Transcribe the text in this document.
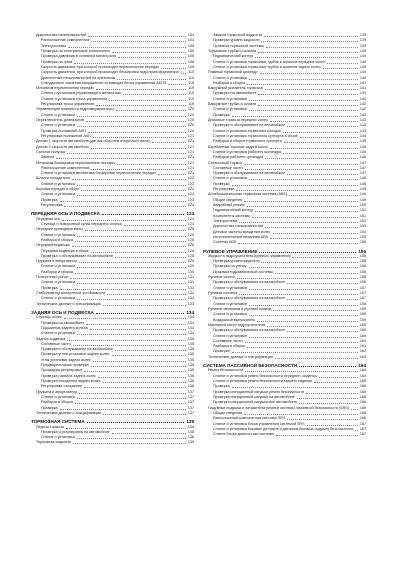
Диагностика неисправностей	104
Расположение компонентов	104
Электросхемы	105
Проверка на интегральные компьютеры	106
Проверка давления в основной магистрали	106
Проверка на срыв	108
Скорость движения, при которой происходит переключение передач	109
Скорость движения, при которой происходит блокировка гидротрансформатора	110
Диагностика неисправностей по признакам	110
Стандартные значения напряжения на выводах блока управления АКПП	118
Механизм переключения передач	119
Снятие и установка управляющего механизма	119
Снятие и установка троса управления	119
Регулировка троса управления	119
Управляющие клапаны и гидроаккумуляторы	120
Снятие и установка	120
Переключатель диапазонов	120
Снятие и установка	120
Проверка положений АКП	120
Регулировка положений АКП	121
Датчик 1 скорости автомобиля (датчик оборотов вторичного вала)	121
Датчик 2 скорости автомобиля	121
Сальник полуоси	121
Замена	121
Механизм блокировки переключения передач	121
Расположение компонентов	121
Снятие и установка механизма блокировки переключения передач	121
Шланги охладителя	122
Снятие и установка	122
Коробка передач в сборе	122
Снятие и установка	122
Проверка	123
Регулировка	123
ПЕРЕДНЯЯ ОСЬ И ПОДВЕСКА	124
Передняя ось	124
Ступица и поворотный кулак переднего колеса	124
Передние приводные валы	125
Снятие и установка	125
Разборка и сборка	126
Передняя подвеска	128
Передняя подвеска в сборе	128
Проверка и обслуживание на автомобиле	128
Пружина и амортизатор	129
Снятие и установка	129
Разборка и сборка	130
Поперечный рычаг	131
Снятие и установка	131
Проверка	132
Стабилизатор поперечной устойчивости	132
Снятие и установка	132
Технические данные и спецификации	133
ЗАДНЯЯ ОСЬ И ПОДВЕСКА	134
Ступицы колес	134
Проверка на автомобиле	134
Подшипник заднего колеса	134
Снятие и установка	134
Задняя подвеска	135
Составные части	135
Проверка и обслуживание на автомобиле	135
Проверка углов установки задних колес	135
Углы установки задних колес	135
Предварительная проверка	135
Процедура регулировки	135
Проверка развала задних колес	136
Проверка схождения задних колес	136
Регулировка схождения	136
Пружина и амортизатор	137
Снятие и установка	137
Разборка и сборка	137
Проверка	137
Технические данные и спецификации	137
ТОРМОЗНАЯ СИСТЕМА	138
Педаль тормоза	138
Проверка и регулировка на автомобиле	138
Снятие и установка	138
Тормозная жидкость	139
Замена тормозной жидкости	139
Проверка уровня жидкости	139
Прокачка тормозной системы	139
Тормозные трубки и шланги	140
Гидравлический контур	140
Снятие и установка тормозных трубок и шлангов передних колес	140
Снятие и установка тормозных трубок и шлангов задних колес	140
Главный тормозной цилиндр	140
Снятие и установка	140
Разборка и сборка	141
Вакуумный усилитель тормозов	141
Проверка на автомобиле	141
Снятие и установка	141
Вакуумные трубки и шланги	142
Снятие и установка	142
Проверка	142
Дисковые тормоза передних колес	143
Проверка и обслуживание на автомобиле	143
Снятие и установка тормозных колодок	143
Снятие и установка тормозного суппорта в сборе	144
Разборка и сборка тормозного суппорта	145
Барабанные тормоза задних колес	145
Снятие и установка рабочего цилиндра	146
Разборка рабочего цилиндра	146
Стояночный тормоз	147
Составные части	147
Проверка и обслуживание на автомобиле	147
Снятие и установка	148
Проверка	148
Регулировка	149
Антиблокировочная тормозная система (ABS)	149
Общие сведения	149
Аварийный режим	150
Гидравлический контур	151
Компоненты системы	151
Электросхема	152
Диагностика неисправностей	153
Датчики частоты вращения колес	154
Исполнительный механизм ABS	155
Система ABS	155
РУЛЕВОЕ УПРАВЛЕНИЕ	156
Жидкость гидроусилителя рулевого управления	156
Проверка уровня жидкости	156
Проверка на утечку	156
Прокачка гидравлической системы	156
Рулевое колесо	156
Проверка и обслуживание на автомобиле	156
Снятие и установка	157
Рулевая колонка	157
Проверка и обслуживание на автомобиле	157
Снятие и установка	158
Рулевой механизм и рулевой привод	159
Снятие и установка	159
Воздушный выпускатель	159
Масляный насос гидроусилителя	160
Проверка и обслуживание на автомобиле	160
Снятие и установка	160
Составные части	161
Разборка и сборка	161
Проверка	162
Технические данные и спецификации	163
СИСТЕМА ПАССИВНОЙ БЕЗОПАСНОСТИ	164
Ремни безопасности	164
Снятие и установка ремня безопасности переднего сиденья	164
Снятие и установка ремня безопасности заднего сиденья	165
Проверка	165
Проверка инерционной катушки ремня безопасности	165
Проверка инерционной катушки на автомобиле	166
Проверка инерционной катушки вне автомобиля	166
Надувные подушки и натяжители ремней системы пассивной безопасности (SRS)	166
Общие сведения	166
Расположение компонентов системы SRS	166
Снятие и установка блока управления системой SRS	167
Снятие и установка боковых датчиков и датчиков боковых подушек безопасности 167
Снятие блока диагностики системы	167
